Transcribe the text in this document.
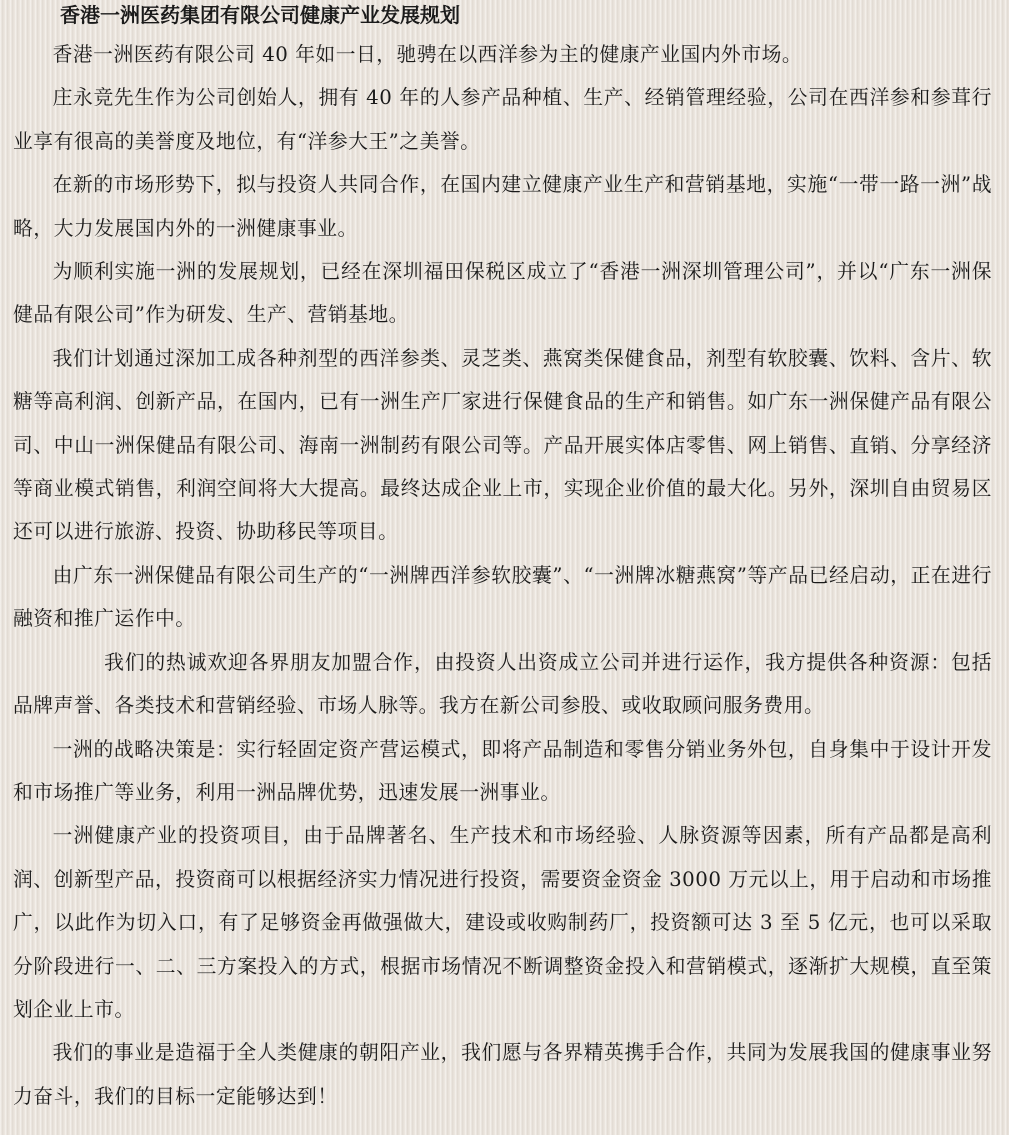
香港一洲医药集团有限公司健康产业发展规划

香港一洲医药有限公司 40 年如一日，驰骋在以西洋参为主的健康产业国内外市场。

庄永竞先生作为公司创始人，拥有 40 年的人参产品种植、生产、经销管理经验，公司在西洋参和参茸行业享有很高的美誉度及地位，有“洋参大王”之美誉。

在新的市场形势下，拟与投资人共同合作，在国内建立健康产业生产和营销基地，实施“一带一路一洲”战略，大力发展国内外的一洲健康事业。

为顺利实施一洲的发展规划，已经在深圳福田保税区成立了“香港一洲深圳管理公司”，并以“广东一洲保健品有限公司”作为研发、生产、营销基地。

我们计划通过深加工成各种剂型的西洋参类、灵芝类、燕窝类保健食品，剂型有软胶囊、饮料、含片、软糖等高利润、创新产品，在国内，已有一洲生产厂家进行保健食品的生产和销售。如广东一洲保健产品有限公司、中山一洲保健品有限公司、海南一洲制药有限公司等。产品开展实体店零售、网上销售、直销、分享经济等商业模式销售，利润空间将大大提高。最终达成企业上市，实现企业价值的最大化。另外，深圳自由贸易区还可以进行旅游、投资、协助移民等项目。

由广东一洲保健品有限公司生产的“一洲牌西洋参软胶囊”、“一洲牌冰糖燕窝”等产品已经启动，正在进行融资和推广运作中。

我们的热诚欢迎各界朋友加盟合作，由投资人出资成立公司并进行运作，我方提供各种资源：包括品牌声誉、各类技术和营销经验、市场人脉等。我方在新公司参股、或收取顾问服务费用。

一洲的战略决策是：实行轻固定资产营运模式，即将产品制造和零售分销业务外包，自身集中于设计开发和市场推广等业务，利用一洲品牌优势，迅速发展一洲事业。

一洲健康产业的投资项目，由于品牌著名、生产技术和市场经验、人脉资源等因素，所有产品都是高利润、创新型产品，投资商可以根据经济实力情况进行投资，需要资金资金 3000 万元以上，用于启动和市场推广，以此作为切入口，有了足够资金再做强做大，建设或收购制药厂，投资额可达 3 至 5 亿元，也可以采取分阶段进行一、二、三方案投入的方式，根据市场情况不断调整资金投入和营销模式，逐渐扩大规模，直至策划企业上市。

我们的事业是造福于全人类健康的朝阳产业，我们愿与各界精英携手合作，共同为发展我国的健康事业努力奋斗，我们的目标一定能够达到！
